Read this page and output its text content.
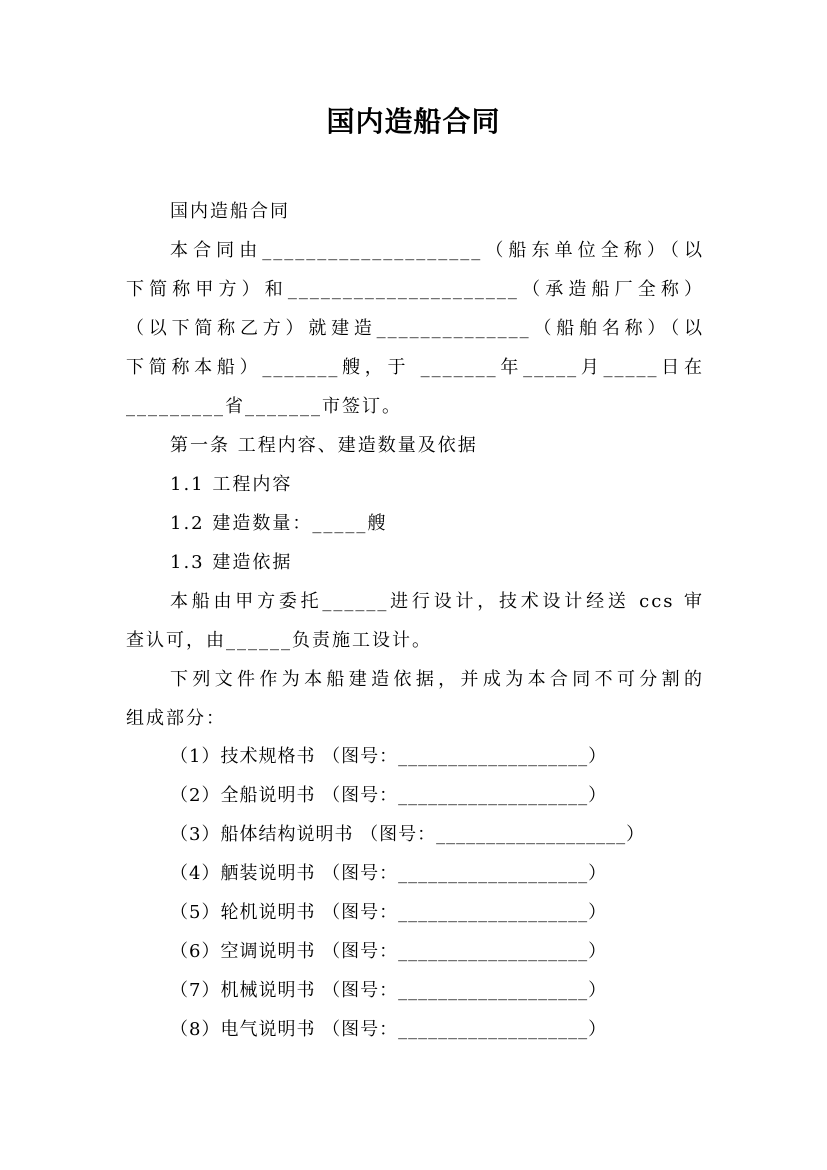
国内造船合同
国内造船合同
本合同由____________________（船东单位全称）（以
下简称甲方）和_____________________（承造船厂全称）
（以下简称乙方）就建造______________（船舶名称）（以
下简称本船）_______艘，于 _______年_____月_____日在
_________省_______市签订。
第一条 工程内容、建造数量及依据
1.1 工程内容
1.2 建造数量：_____艘
1.3 建造依据
本船由甲方委托______进行设计，技术设计经送 ccs 审
查认可，由______负责施工设计。
下列文件作为本船建造依据，并成为本合同不可分割的
组成部分：
（1）技术规格书 （图号：___________________）
（2）全船说明书 （图号：___________________）
（3）船体结构说明书 （图号：___________________）
（4）舾装说明书 （图号：___________________）
（5）轮机说明书 （图号：___________________）
（6）空调说明书 （图号：___________________）
（7）机械说明书 （图号：___________________）
（8）电气说明书 （图号：___________________）
